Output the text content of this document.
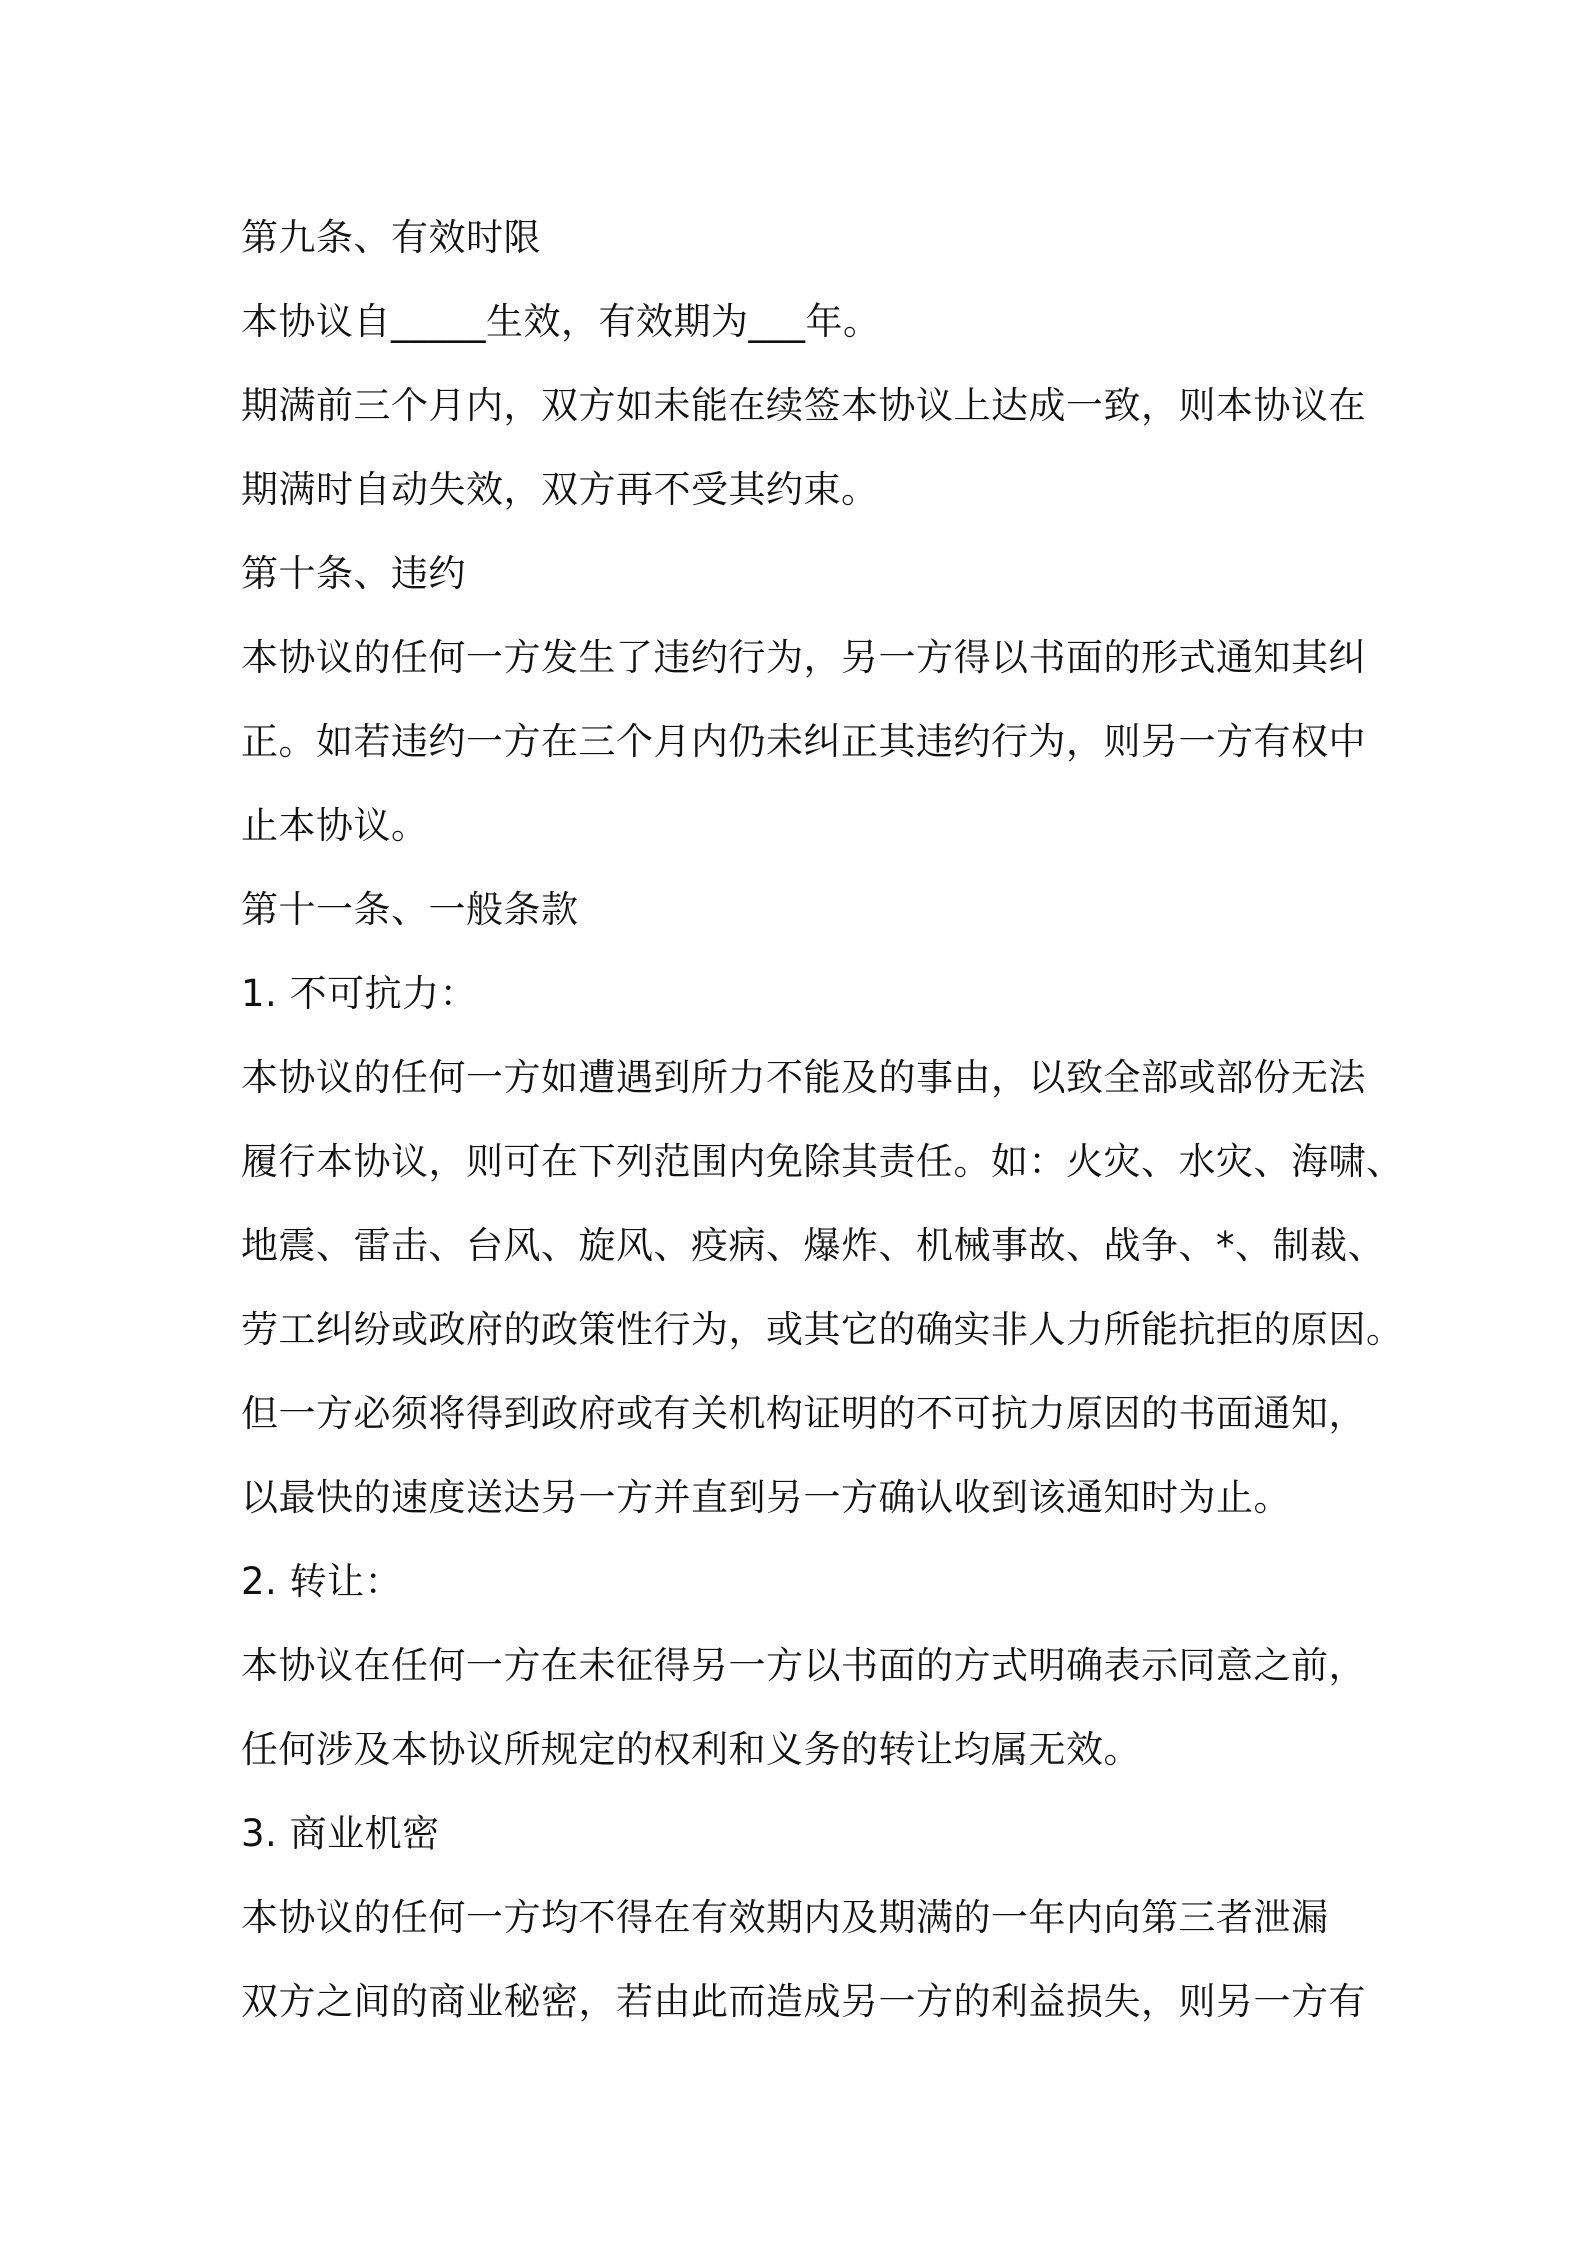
第九条、有效时限
本协议自_____生效，有效期为___年。
期满前三个月内，双方如未能在续签本协议上达成一致，则本协议在
期满时自动失效，双方再不受其约束。
第十条、违约
本协议的任何一方发生了违约行为，另一方得以书面的形式通知其纠
正。如若违约一方在三个月内仍未纠正其违约行为，则另一方有权中
止本协议。
第十一条、一般条款
1. 不可抗力：
本协议的任何一方如遭遇到所力不能及的事由，以致全部或部份无法
履行本协议，则可在下列范围内免除其责任。如：火灾、水灾、海啸、
地震、雷击、台风、旋风、疫病、爆炸、机械事故、战争、*、制裁、
劳工纠纷或政府的政策性行为，或其它的确实非人力所能抗拒的原因。
但一方必须将得到政府或有关机构证明的不可抗力原因的书面通知，
以最快的速度送达另一方并直到另一方确认收到该通知时为止。
2. 转让：
本协议在任何一方在未征得另一方以书面的方式明确表示同意之前，
任何涉及本协议所规定的权利和义务的转让均属无效。
3. 商业机密
本协议的任何一方均不得在有效期内及期满的一年内向第三者泄漏
双方之间的商业秘密，若由此而造成另一方的利益损失，则另一方有
